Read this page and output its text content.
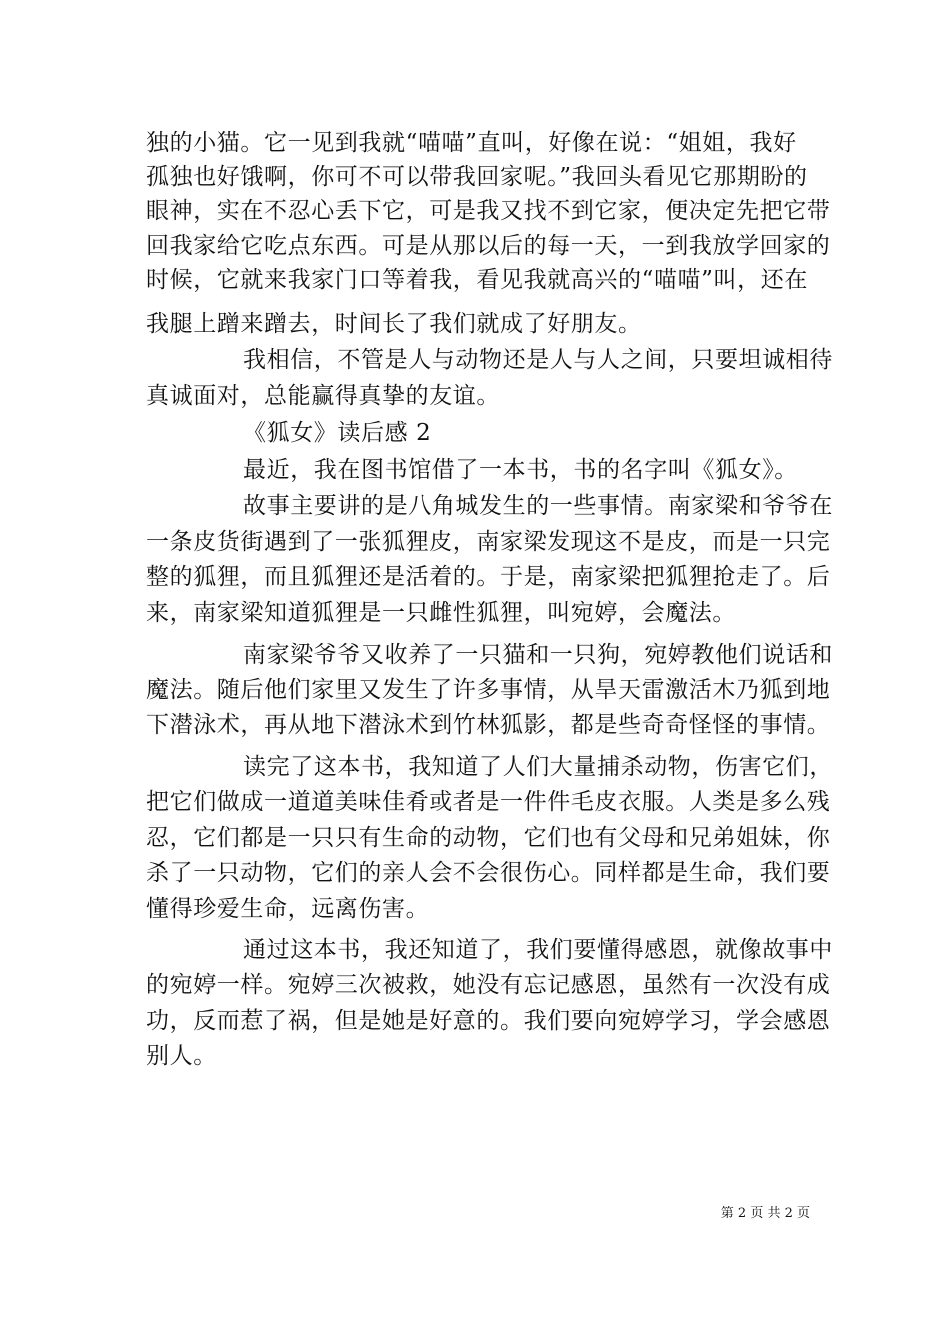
独的小猫。它一见到我就“喵喵”直叫，好像在说：“姐姐，我好
孤独也好饿啊，你可不可以带我回家呢。”我回头看见它那期盼的
眼神，实在不忍心丢下它，可是我又找不到它家，便决定先把它带
回我家给它吃点东西。可是从那以后的每一天，一到我放学回家的
时候，它就来我家门口等着我，看见我就高兴的“喵喵”叫，还在
我腿上蹭来蹭去，时间长了我们就成了好朋友。
我相信，不管是人与动物还是人与人之间，只要坦诚相待
真诚面对，总能赢得真挚的友谊。
《狐女》读后感 2
最近，我在图书馆借了一本书，书的名字叫《狐女》。
故事主要讲的是八角城发生的一些事情。南家梁和爷爷在
一条皮货街遇到了一张狐狸皮，南家梁发现这不是皮，而是一只完
整的狐狸，而且狐狸还是活着的。于是，南家梁把狐狸抢走了。后
来，南家梁知道狐狸是一只雌性狐狸，叫宛婷，会魔法。
南家梁爷爷又收养了一只猫和一只狗，宛婷教他们说话和
魔法。随后他们家里又发生了许多事情，从旱天雷激活木乃狐到地
下潜泳术，再从地下潜泳术到竹林狐影，都是些奇奇怪怪的事情。
读完了这本书，我知道了人们大量捕杀动物，伤害它们，
把它们做成一道道美味佳肴或者是一件件毛皮衣服。人类是多么残
忍，它们都是一只只有生命的动物，它们也有父母和兄弟姐妹，你
杀了一只动物，它们的亲人会不会很伤心。同样都是生命，我们要
懂得珍爱生命，远离伤害。
通过这本书，我还知道了，我们要懂得感恩，就像故事中
的宛婷一样。宛婷三次被救，她没有忘记感恩，虽然有一次没有成
功，反而惹了祸，但是她是好意的。我们要向宛婷学习，学会感恩
别人。
第 2 页 共 2 页
